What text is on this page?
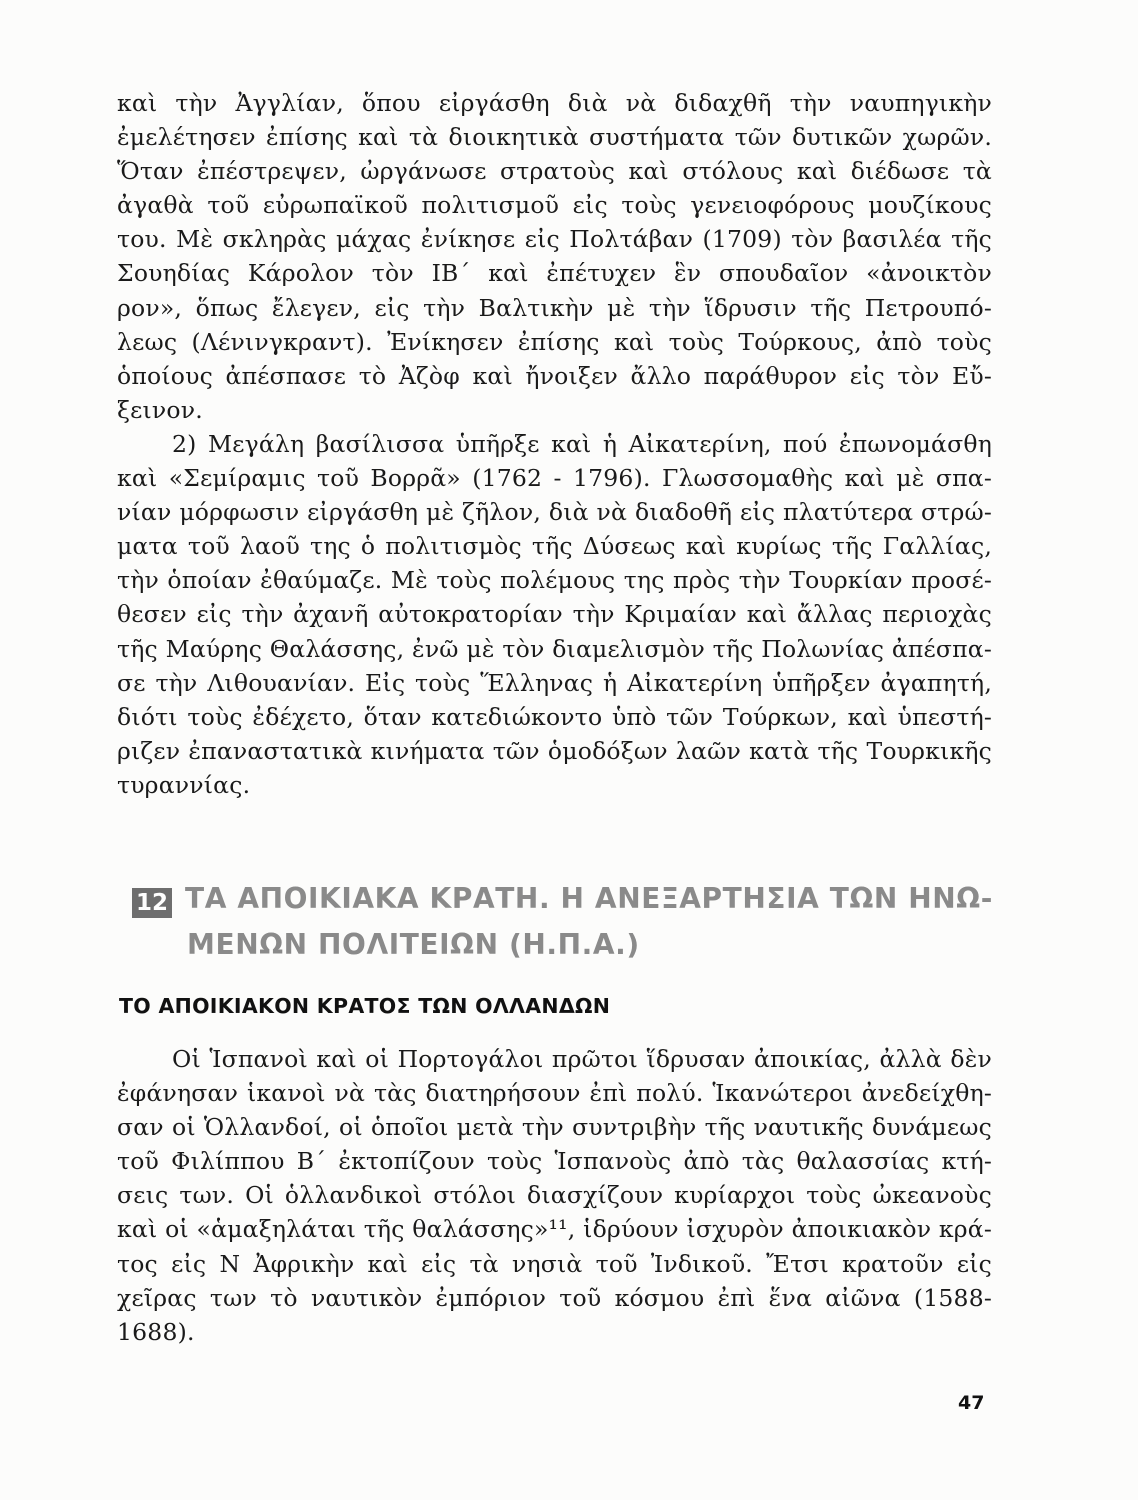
καὶ τὴν Ἀγγλίαν, ὅπου εἰργάσθη διὰ νὰ διδαχθῆ τὴν ναυπηγικὴν
ἐμελέτησεν ἐπίσης καὶ τὰ διοικητικὰ συστήματα τῶν δυτικῶν χωρῶν.
Ὅταν ἐπέστρεψεν, ὠργάνωσε στρατοὺς καὶ στόλους καὶ διέδωσε τὰ
ἀγαθὰ τοῦ εὐρωπαϊκοῦ πολιτισμοῦ εἰς τοὺς γενειοφόρους μουζίκους
του. Μὲ σκληρὰς μάχας ἐνίκησε εἰς Πολτάβαν (1709) τὸν βασιλέα τῆς
Σουηδίας Κάρολον τὸν ΙΒ΄ καὶ ἐπέτυχεν ἓν σπουδαῖον «ἀνοικτὸν
ρον», ὅπως ἔλεγεν, εἰς τὴν Βαλτικὴν μὲ τὴν ἵδρυσιν τῆς Πετρουπό-
λεως (Λένινγκραντ). Ἐνίκησεν ἐπίσης καὶ τοὺς Τούρκους, ἀπὸ τοὺς
ὁποίους ἀπέσπασε τὸ Ἀζὸφ καὶ ἤνοιξεν ἄλλο παράθυρον εἰς τὸν Εὔ-
ξεινον.
2) Μεγάλη βασίλισσα ὑπῆρξε καὶ ἡ Αἰκατερίνη, πού ἐπωνομάσθη
καὶ «Σεμίραμις τοῦ Βορρᾶ» (1762 - 1796). Γλωσσομαθὴς καὶ μὲ σπα-
νίαν μόρφωσιν εἰργάσθη μὲ ζῆλον, διὰ νὰ διαδοθῆ εἰς πλατύτερα στρώ-
ματα τοῦ λαοῦ της ὁ πολιτισμὸς τῆς Δύσεως καὶ κυρίως τῆς Γαλλίας,
τὴν ὁποίαν ἐθαύμαζε. Μὲ τοὺς πολέμους της πρὸς τὴν Τουρκίαν προσέ-
θεσεν εἰς τὴν ἀχανῆ αὐτοκρατορίαν τὴν Κριμαίαν καὶ ἄλλας περιοχὰς
τῆς Μαύρης Θαλάσσης, ἐνῶ μὲ τὸν διαμελισμὸν τῆς Πολωνίας ἀπέσπα-
σε τὴν Λιθουανίαν. Εἰς τοὺς Ἕλληνας ἡ Αἰκατερίνη ὑπῆρξεν ἀγαπητή,
διότι τοὺς ἐδέχετο, ὅταν κατεδιώκοντο ὑπὸ τῶν Τούρκων, καὶ ὑπεστή-
ριζεν ἐπαναστατικὰ κινήματα τῶν ὁμοδόξων λαῶν κατὰ τῆς Τουρκικῆς
τυραννίας.
12 ΤΑ ΑΠΟΙΚΙΑΚΑ ΚΡΑΤΗ. Η ΑΝΕΞΑΡΤΗΣΙΑ ΤΩΝ ΗΝΩ-
ΜΕΝΩΝ ΠΟΛΙΤΕΙΩΝ (Η.Π.Α.)
ΤΟ ΑΠΟΙΚΙΑΚΟΝ ΚΡΑΤΟΣ ΤΩΝ ΟΛΛΑΝΔΩΝ
Οἱ Ἱσπανοὶ καὶ οἱ Πορτογάλοι πρῶτοι ἵδρυσαν ἀποικίας, ἀλλὰ δὲν
ἐφάνησαν ἱκανοὶ νὰ τὰς διατηρήσουν ἐπὶ πολύ. Ἱκανώτεροι ἀνεδείχθη-
σαν οἱ Ὁλλανδοί, οἱ ὁποῖοι μετὰ τὴν συντριβὴν τῆς ναυτικῆς δυνάμεως
τοῦ Φιλίππου Β΄ ἐκτοπίζουν τοὺς Ἱσπανοὺς ἀπὸ τὰς θαλασσίας κτή-
σεις των. Οἱ ὁλλανδικοὶ στόλοι διασχίζουν κυρίαρχοι τοὺς ὠκεανοὺς
καὶ οἱ «ἁμαξηλάται τῆς θαλάσσης»¹¹, ἱδρύουν ἰσχυρὸν ἀποικιακὸν κρά-
τος εἰς Ν Ἀφρικὴν καὶ εἰς τὰ νησιὰ τοῦ Ἰνδικοῦ. Ἔτσι κρατοῦν εἰς
χεῖρας των τὸ ναυτικὸν ἐμπόριον τοῦ κόσμου ἐπὶ ἕνα αἰῶνα (1588-
1688).
47
